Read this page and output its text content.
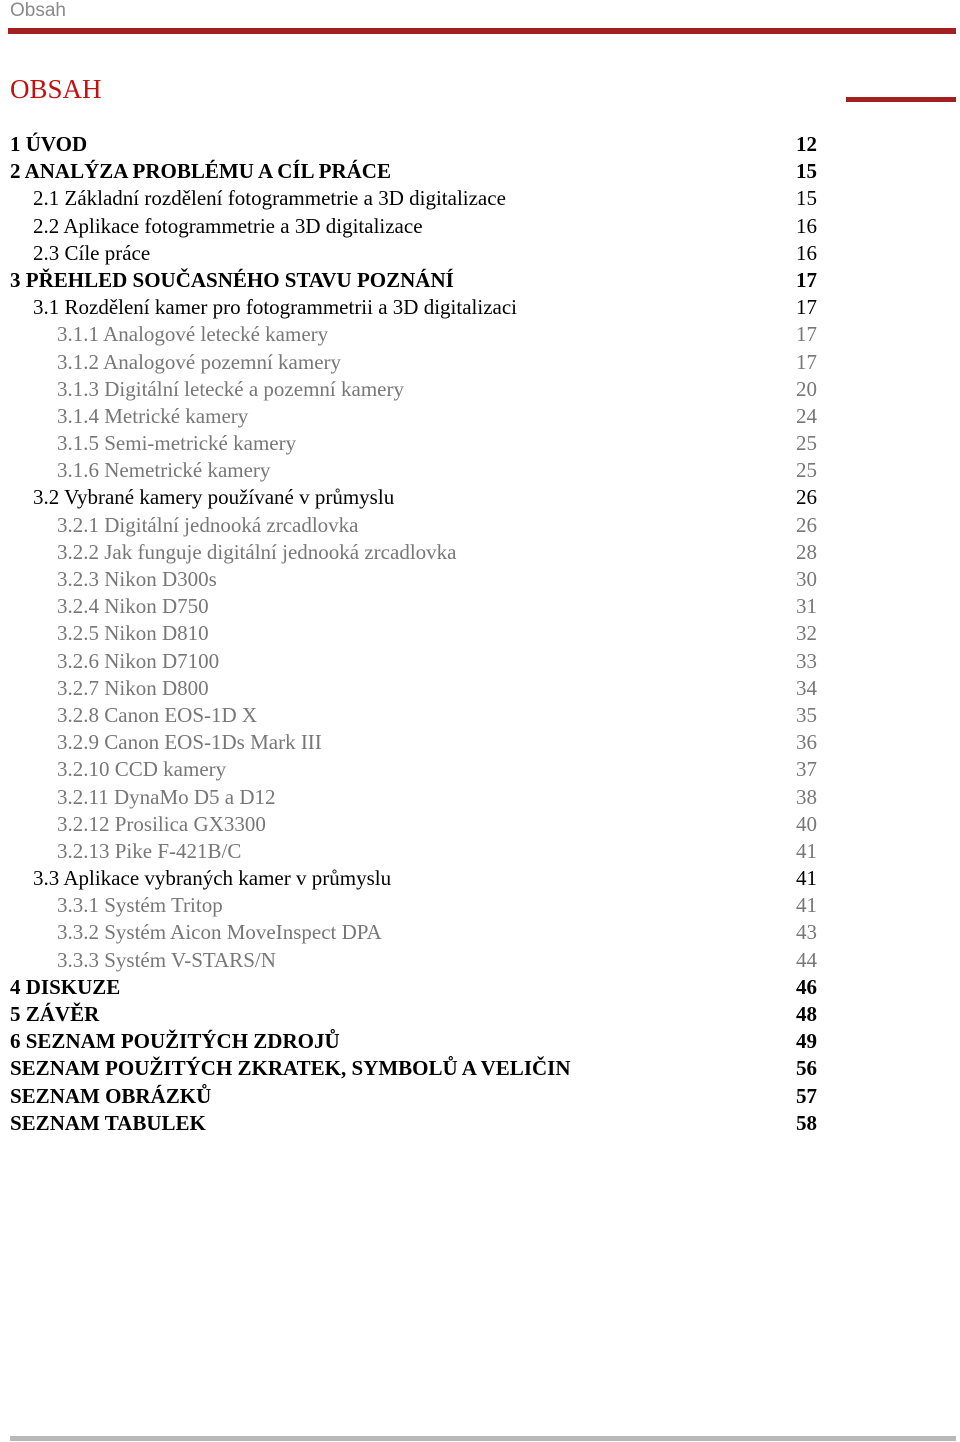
Obsah
OBSAH
1 ÚVOD	12
2 ANALÝZA PROBLÉMU A CÍL PRÁCE	15
2.1 Základní rozdělení fotogrammetrie a 3D digitalizace	15
2.2 Aplikace fotogrammetrie a 3D digitalizace	16
2.3 Cíle práce	16
3 PŘEHLED SOUČASNÉHO STAVU POZNÁNÍ	17
3.1 Rozdělení kamer pro fotogrammetrii a 3D digitalizaci	17
3.1.1 Analogové letecké kamery	17
3.1.2 Analogové pozemní kamery	17
3.1.3 Digitální letecké a pozemní kamery	20
3.1.4 Metrické kamery	24
3.1.5 Semi-metrické kamery	25
3.1.6 Nemetrické kamery	25
3.2 Vybrané kamery používané v průmyslu	26
3.2.1 Digitální jednooká zrcadlovka	26
3.2.2 Jak funguje digitální jednooká zrcadlovka	28
3.2.3 Nikon D300s	30
3.2.4 Nikon D750	31
3.2.5 Nikon D810	32
3.2.6 Nikon D7100	33
3.2.7 Nikon D800	34
3.2.8 Canon EOS-1D X	35
3.2.9 Canon EOS-1Ds Mark III	36
3.2.10 CCD kamery	37
3.2.11 DynaMo D5 a D12	38
3.2.12 Prosilica GX3300	40
3.2.13 Pike F-421B/C	41
3.3 Aplikace vybraných kamer v průmyslu	41
3.3.1 Systém Tritop	41
3.3.2 Systém Aicon MoveInspect DPA	43
3.3.3 Systém V-STARS/N	44
4 DISKUZE	46
5 ZÁVĚR	48
6 SEZNAM POUŽITÝCH ZDROJŮ	49
SEZNAM POUŽITÝCH ZKRATEK, SYMBOLŮ A VELIČIN	56
SEZNAM OBRÁZKŮ	57
SEZNAM TABULEK	58
